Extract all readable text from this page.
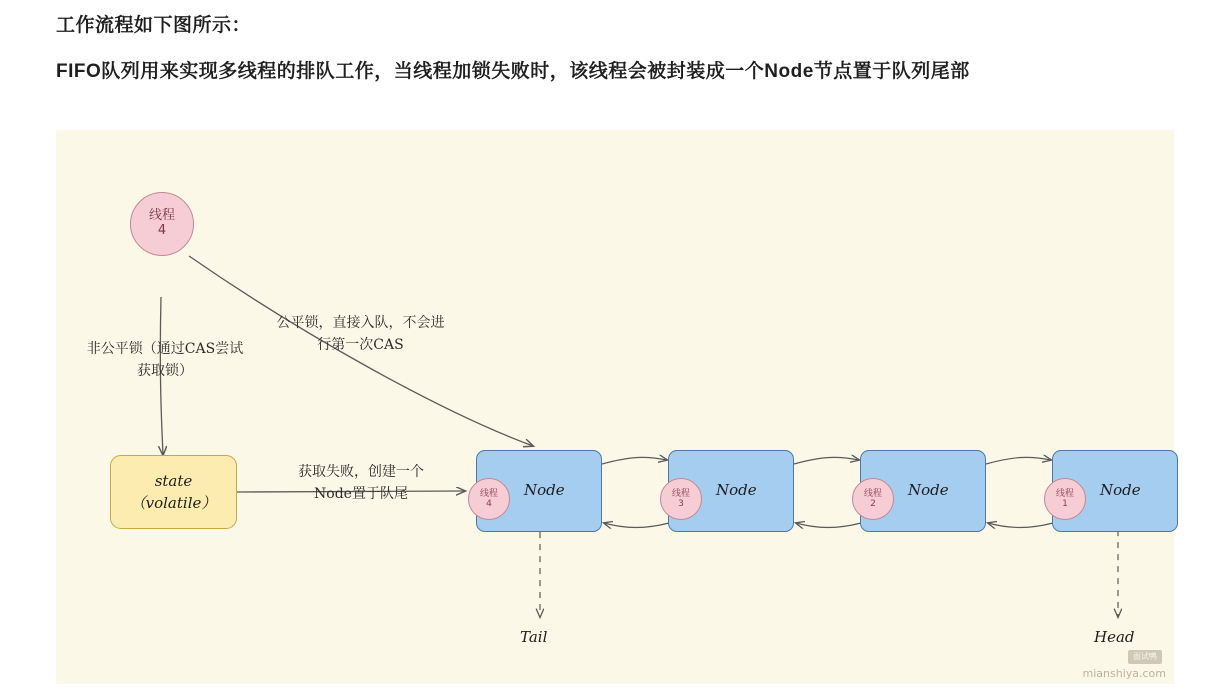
工作流程如下图所示：
FIFO队列用来实现多线程的排队工作，当线程加锁失败时，该线程会被封装成一个Node节点置于队列尾部
线程
4
state
（volatile）
非公平锁（通过CAS尝试
获取锁）
公平锁，直接入队，不会进
行第一次CAS
获取失败，创建一个
Node置于队尾	Node
线程
4
Node
线程
3
Node
线程
2
Node
线程
1
Tail	Head
面试鸭
mianshiya.com
